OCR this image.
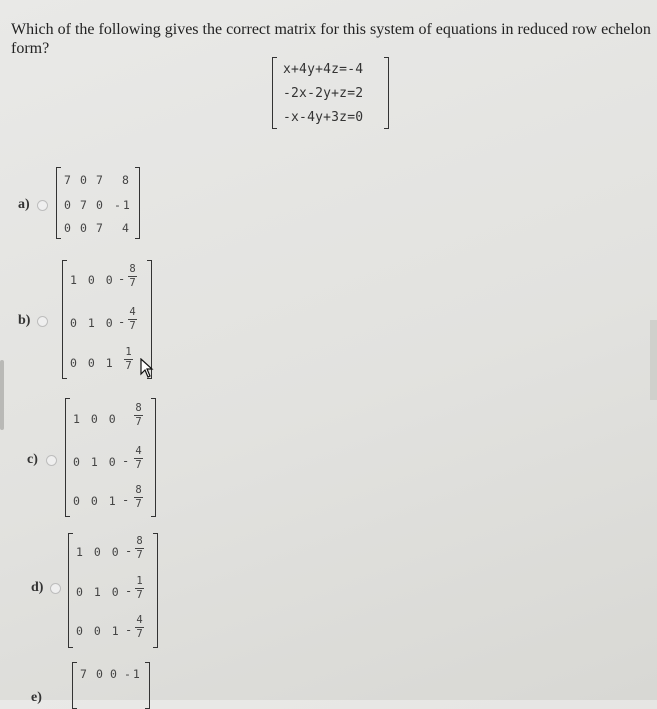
Which of the following gives the correct matrix for this system of equations in reduced row echelon form?
x+4y+4z=-4
-2x-2y+z=2
-x-4y+3z=0
a)
7 0 7 8
0 7 0 -1
0 0 7 4
b)
1 0 0 -
8
7
0 1 0 -
4
7
0 0 1
1
7
c)
1 0 0
8
7
0 1 0 -
4
7
0 0 1 -
8
7
d)
1 0 0 -
8
7
0 1 0 -
1
7
0 0 1 -
4
7
e)
7 0 0 -1
